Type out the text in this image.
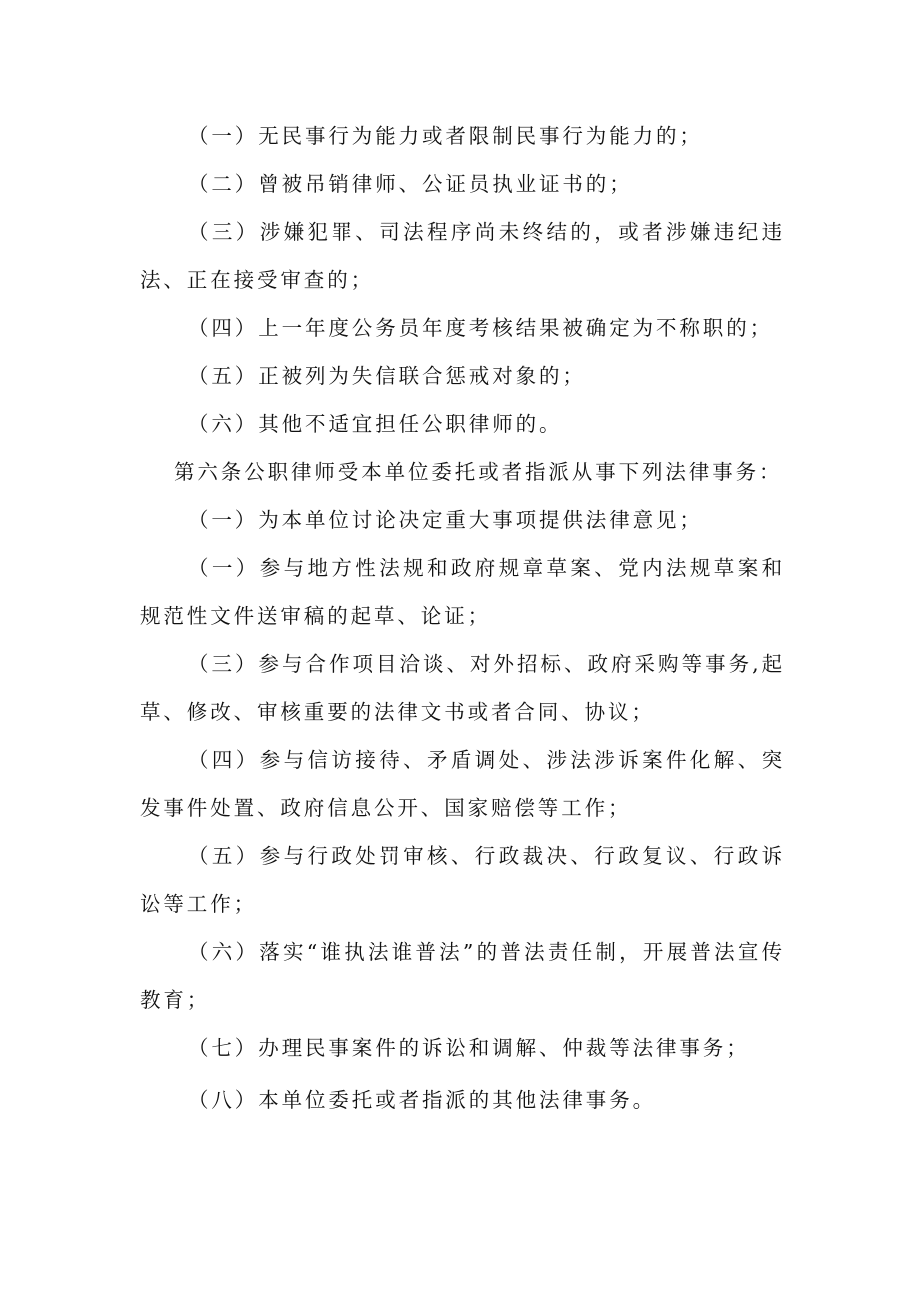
（一）无民事行为能力或者限制民事行为能力的；

（二）曾被吊销律师、公证员执业证书的；

（三）涉嫌犯罪、司法程序尚未终结的，或者涉嫌违纪违法、正在接受审查的；

（四）上一年度公务员年度考核结果被确定为不称职的；

（五）正被列为失信联合惩戒对象的；

（六）其他不适宜担任公职律师的。

第六条公职律师受本单位委托或者指派从事下列法律事务：

（一）为本单位讨论决定重大事项提供法律意见；

（一）参与地方性法规和政府规章草案、党内法规草案和规范性文件送审稿的起草、论证；

（三）参与合作项目洽谈、对外招标、政府采购等事务,起草、修改、审核重要的法律文书或者合同、协议；

（四）参与信访接待、矛盾调处、涉法涉诉案件化解、突发事件处置、政府信息公开、国家赔偿等工作；

（五）参与行政处罚审核、行政裁决、行政复议、行政诉讼等工作；

（六）落实“谁执法谁普法”的普法责任制，开展普法宣传教育；

（七）办理民事案件的诉讼和调解、仲裁等法律事务；

（八）本单位委托或者指派的其他法律事务。
